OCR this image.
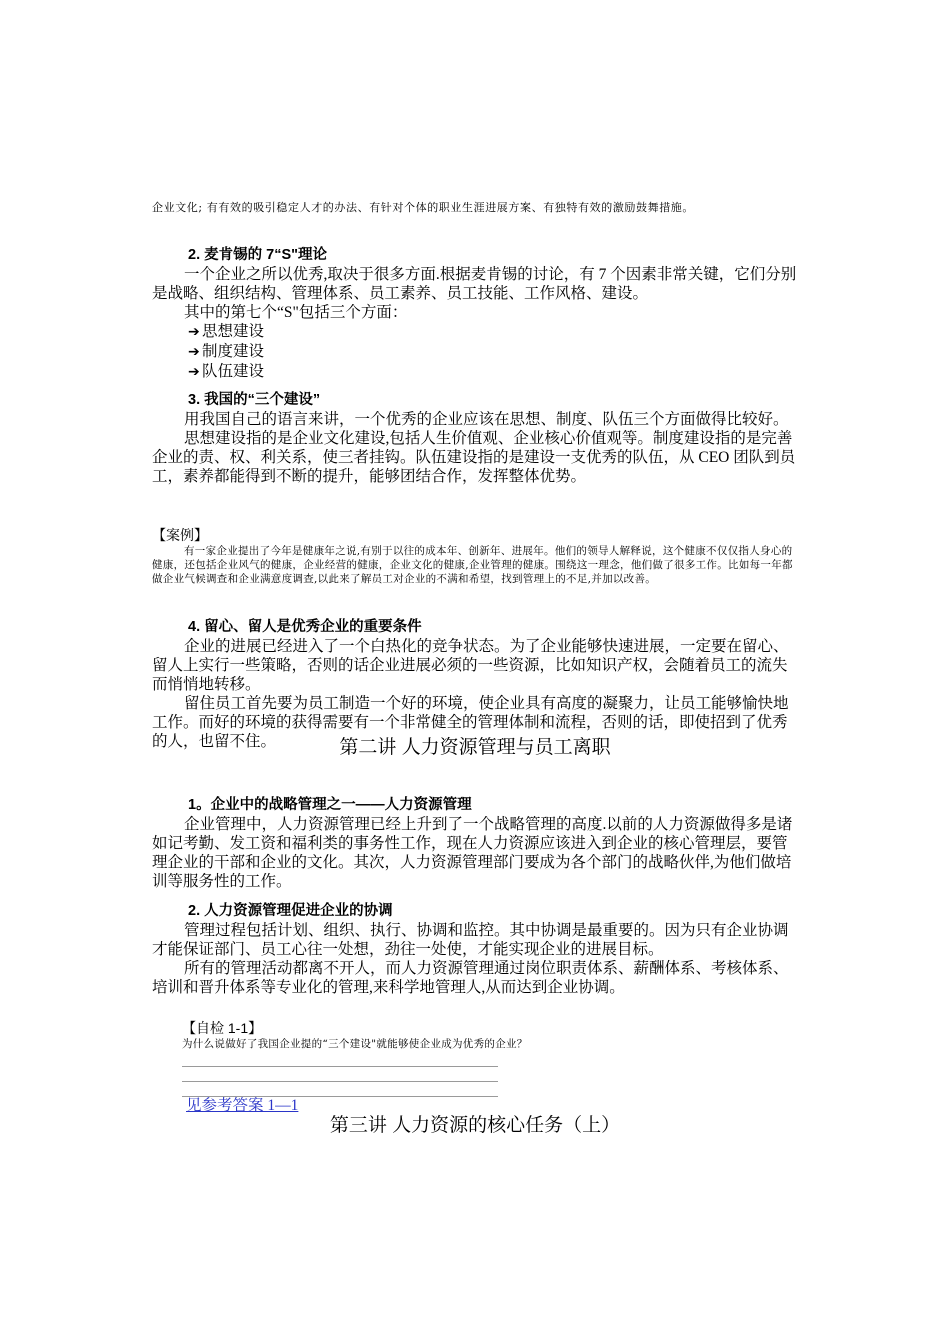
企业文化; 有有效的吸引稳定人才的办法、有针对个体的职业生涯进展方案、有独特有效的激励鼓舞措施。

2. 麦肯锡的 7“S"理论

一个企业之所以优秀,取决于很多方面.根据麦肯锡的讨论，有 7 个因素非常关键，它们分别是战略、组织结构、管理体系、员工素养、员工技能、工作风格、建设。

其中的第七个“S"包括三个方面：

➔ 思想建设

➔ 制度建设

➔ 队伍建设

3. 我国的“三个建设”

用我国自己的语言来讲，一个优秀的企业应该在思想、制度、队伍三个方面做得比较好。

思想建设指的是企业文化建设,包括人生价值观、企业核心价值观等。制度建设指的是完善企业的责、权、利关系，使三者挂钩。队伍建设指的是建设一支优秀的队伍，从 CEO 团队到员工，素养都能得到不断的提升，能够团结合作，发挥整体优势。

【案例】

有一家企业提出了今年是健康年之说,有别于以往的成本年、创新年、进展年。他们的领导人解释说，这个健康不仅仅指人身心的健康，还包括企业风气的健康，企业经营的健康，企业文化的健康,企业管理的健康。围绕这一理念，他们做了很多工作。比如每一年都做企业气候调查和企业满意度调查,以此来了解员工对企业的不满和希望，找到管理上的不足,并加以改善。

4. 留心、留人是优秀企业的重要条件

企业的进展已经进入了一个白热化的竞争状态。为了企业能够快速进展，一定要在留心、留人上实行一些策略，否则的话企业进展必须的一些资源，比如知识产权，会随着员工的流失而悄悄地转移。

留住员工首先要为员工制造一个好的环境，使企业具有高度的凝聚力，让员工能够愉快地工作。而好的环境的获得需要有一个非常健全的管理体制和流程，否则的话，即使招到了优秀的人，也留不住。	第二讲 人力资源管理与员工离职

1。企业中的战略管理之一——人力资源管理

企业管理中，人力资源管理已经上升到了一个战略管理的高度.以前的人力资源做得多是诸如记考勤、发工资和福利类的事务性工作，现在人力资源应该进入到企业的核心管理层，要管理企业的干部和企业的文化。其次，人力资源管理部门要成为各个部门的战略伙伴,为他们做培训等服务性的工作。

2. 人力资源管理促进企业的协调

管理过程包括计划、组织、执行、协调和监控。其中协调是最重要的。因为只有企业协调才能保证部门、员工心往一处想，劲往一处使，才能实现企业的进展目标。

所有的管理活动都离不开人，而人力资源管理通过岗位职责体系、薪酬体系、考核体系、培训和晋升体系等专业化的管理,来科学地管理人,从而达到企业协调。

【自检 1-1】
为什么说做好了我国企业提的“三个建设"就能够使企业成为优秀的企业？
见参考答案 1—1
第三讲 人力资源的核心任务（上）
